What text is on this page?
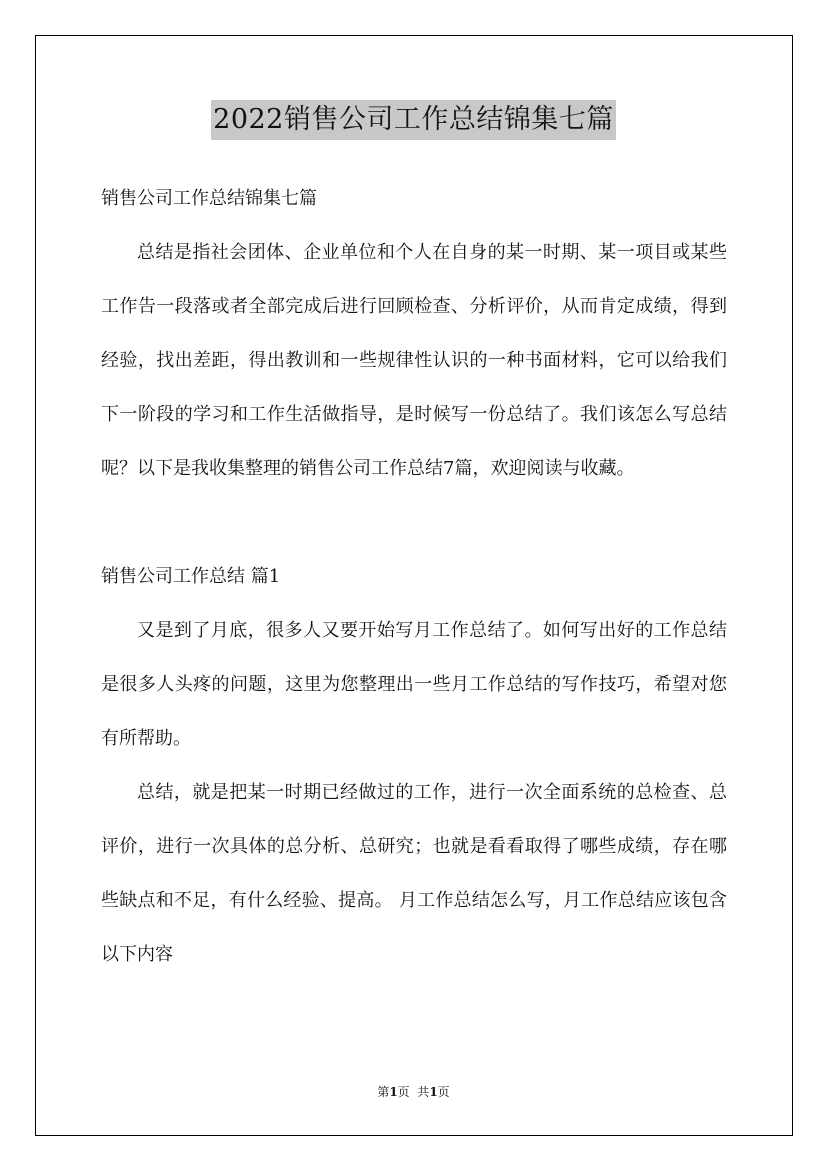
2022销售公司工作总结锦集七篇

销售公司工作总结锦集七篇

总结是指社会团体、企业单位和个人在自身的某一时期、某一项目或某些工作告一段落或者全部完成后进行回顾检查、分析评价，从而肯定成绩，得到经验，找出差距，得出教训和一些规律性认识的一种书面材料，它可以给我们下一阶段的学习和工作生活做指导，是时候写一份总结了。我们该怎么写总结呢？以下是我收集整理的销售公司工作总结7篇，欢迎阅读与收藏。

销售公司工作总结 篇1

又是到了月底，很多人又要开始写月工作总结了。如何写出好的工作总结是很多人头疼的问题，这里为您整理出一些月工作总结的写作技巧，希望对您有所帮助。

总结，就是把某一时期已经做过的工作，进行一次全面系统的总检查、总评价，进行一次具体的总分析、总研究；也就是看看取得了哪些成绩，存在哪些缺点和不足，有什么经验、提高。 月工作总结怎么写，月工作总结应该包含以下内容

第1页  共1页
